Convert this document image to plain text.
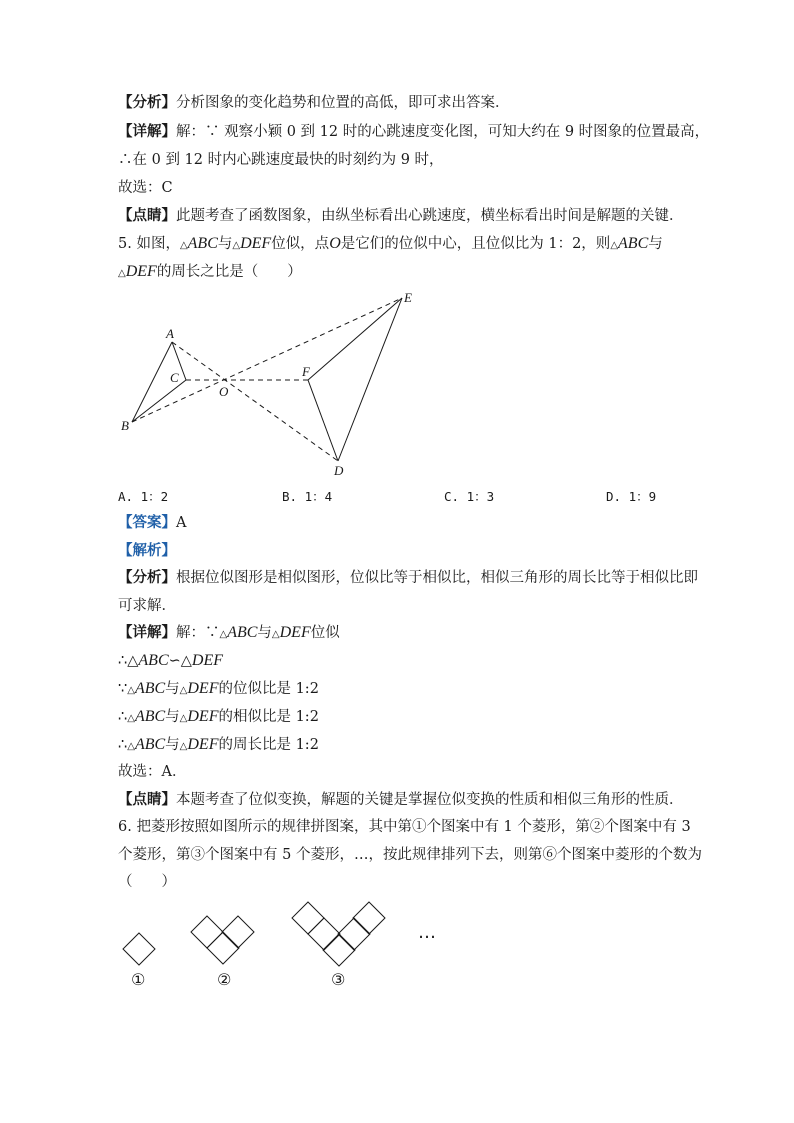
【分析】分析图象的变化趋势和位置的高低，即可求出答案．
【详解】解：∵ 观察小颖 0 到 12 时的心跳速度变化图，可知大约在 9 时图象的位置最高，
∴在 0 到 12 时内心跳速度最快的时刻约为 9 时，
故选：C
【点睛】此题考查了函数图象，由纵坐标看出心跳速度，横坐标看出时间是解题的关键．
5. 如图，△ABC与△DEF位似，点O是它们的位似中心，且位似比为 1：2，则△ABC与
△DEF的周长之比是（　　）
A
B
C
O
F
E
D
A. 1：2	B. 1：4	C. 1：3	D. 1：9
【答案】A
【解析】
【分析】根据位似图形是相似图形，位似比等于相似比，相似三角形的周长比等于相似比即
可求解．
【详解】解：∵△ABC与△DEF位似
∴△ABC∽△DEF
∵△ABC与△DEF的位似比是 1:2
∴△ABC与△DEF的相似比是 1:2
∴△ABC与△DEF的周长比是 1:2
故选：A．
【点睛】本题考查了位似变换，解题的关键是掌握位似变换的性质和相似三角形的性质．
6. 把菱形按照如图所示的规律拼图案，其中第①个图案中有 1 个菱形，第②个图案中有 3
个菱形，第③个图案中有 5 个菱形，…，按此规律排列下去，则第⑥个图案中菱形的个数为
（　　）
…
①	②	③
